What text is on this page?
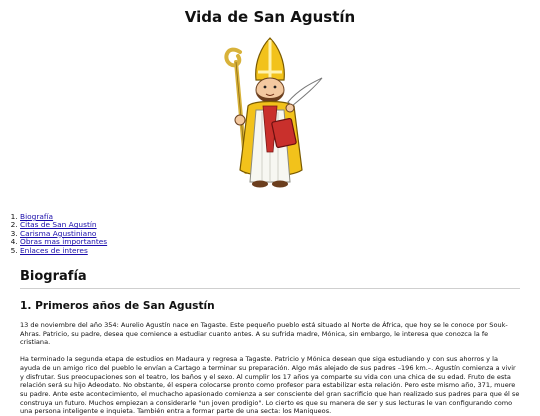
Vida de San Agustín
1. Biografía
2. Citas de San Agustín
3. Carisma Agustiniano
4. Obras mas importantes
5. Enlaces de interes
Biografía
1. Primeros años de San Agustín

13 de noviembre del año 354: Aurelio Agustín nace en Tagaste. Este pequeño pueblo está situado al Norte de África, que hoy se le conoce por Souk-Ahras. Patricio, su padre, desea que comience a estudiar cuanto antes. A su sufrida madre, Mónica, sin embargo, le interesa que conozca la fe cristiana.

Ha terminado la segunda etapa de estudios en Madaura y regresa a Tagaste. Patricio y Mónica desean que siga estudiando y con sus ahorros y la ayuda de un amigo rico del pueblo le envían a Cartago a terminar su preparación. Algo más alejado de sus padres –196 km.–. Agustín comienza a vivir y disfrutar. Sus preocupaciones son el teatro, los baños y el sexo. Al cumplir los 17 años ya comparte su vida con una chica de su edad. Fruto de esta relación será su hijo Adeodato. No obstante, él espera colocarse pronto como profesor para estabilizar esta relación. Pero este mismo año, 371, muere su padre. Ante este acontecimiento, el muchacho apasionado comienza a ser consciente del gran sacrificio que han realizado sus padres para que él se construya un futuro. Muchos empiezan a considerarle "un joven prodigio". Lo cierto es que su manera de ser y sus lecturas le van configurando como una persona inteligente e inquieta. También entra a formar parte de una secta: los Maniqueos.
